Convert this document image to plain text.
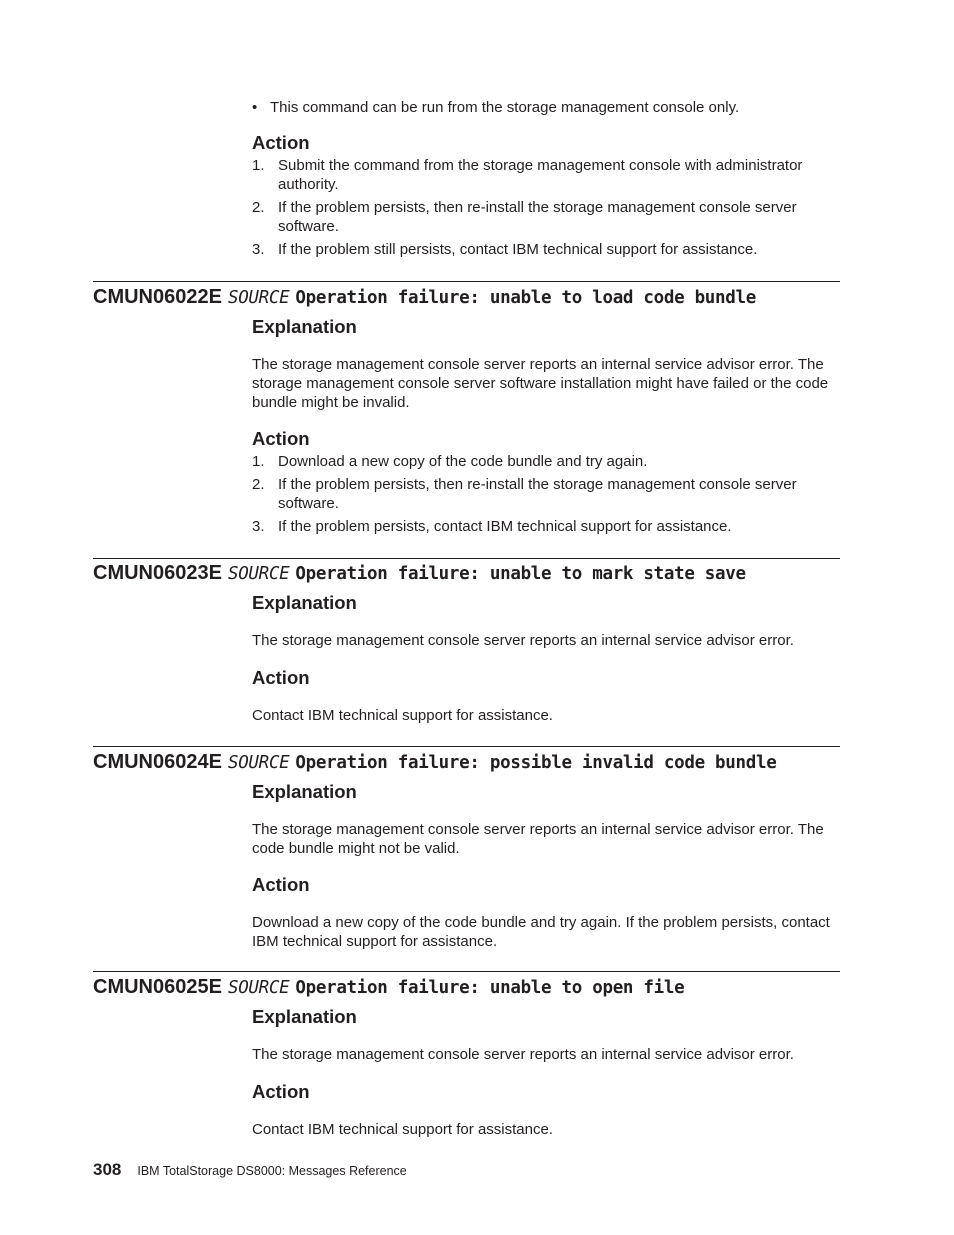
• This command can be run from the storage management console only.
Action
1. Submit the command from the storage management console with administrator authority.
2. If the problem persists, then re-install the storage management console server software.
3. If the problem still persists, contact IBM technical support for assistance.
CMUN06022E SOURCE Operation failure: unable to load code bundle
Explanation

The storage management console server reports an internal service advisor error. The storage management console server software installation might have failed or the code bundle might be invalid.

Action
1. Download a new copy of the code bundle and try again.
2. If the problem persists, then re-install the storage management console server software.
3. If the problem persists, contact IBM technical support for assistance.
CMUN06023E SOURCE Operation failure: unable to mark state save
Explanation

The storage management console server reports an internal service advisor error.

Action

Contact IBM technical support for assistance.

CMUN06024E SOURCE Operation failure: possible invalid code bundle
Explanation

The storage management console server reports an internal service advisor error. The code bundle might not be valid.

Action

Download a new copy of the code bundle and try again. If the problem persists, contact IBM technical support for assistance.

CMUN06025E SOURCE Operation failure: unable to open file
Explanation

The storage management console server reports an internal service advisor error.

Action

Contact IBM technical support for assistance.

308 IBM TotalStorage DS8000: Messages Reference
